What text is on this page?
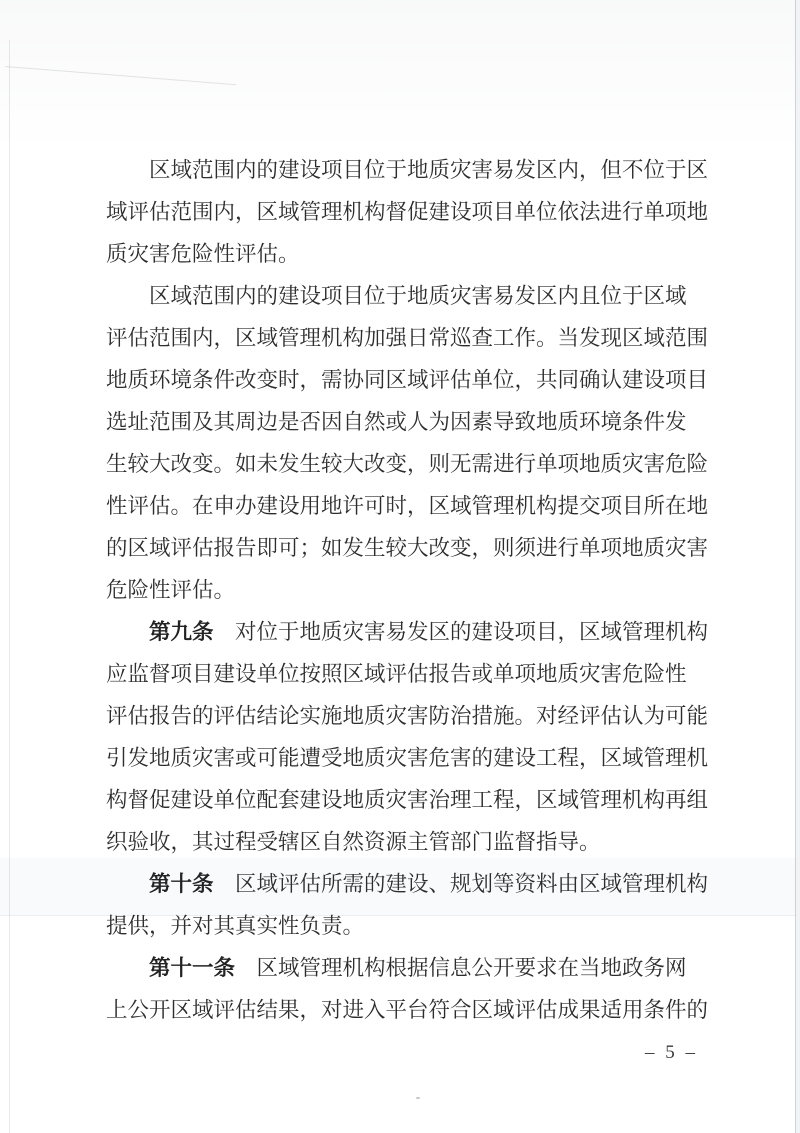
区域范围内的建设项目位于地质灾害易发区内，但不位于区
域评估范围内，区域管理机构督促建设项目单位依法进行单项地
质灾害危险性评估。
区域范围内的建设项目位于地质灾害易发区内且位于区域
评估范围内，区域管理机构加强日常巡查工作。当发现区域范围
地质环境条件改变时，需协同区域评估单位，共同确认建设项目
选址范围及其周边是否因自然或人为因素导致地质环境条件发
生较大改变。如未发生较大改变，则无需进行单项地质灾害危险
性评估。在申办建设用地许可时，区域管理机构提交项目所在地
的区域评估报告即可；如发生较大改变，则须进行单项地质灾害
危险性评估。
第九条　对位于地质灾害易发区的建设项目，区域管理机构
应监督项目建设单位按照区域评估报告或单项地质灾害危险性
评估报告的评估结论实施地质灾害防治措施。对经评估认为可能
引发地质灾害或可能遭受地质灾害危害的建设工程，区域管理机
构督促建设单位配套建设地质灾害治理工程，区域管理机构再组
织验收，其过程受辖区自然资源主管部门监督指导。
第十条　区域评估所需的建设、规划等资料由区域管理机构
提供，并对其真实性负责。
第十一条　区域管理机构根据信息公开要求在当地政务网
上公开区域评估结果，对进入平台符合区域评估成果适用条件的
– 5 –
